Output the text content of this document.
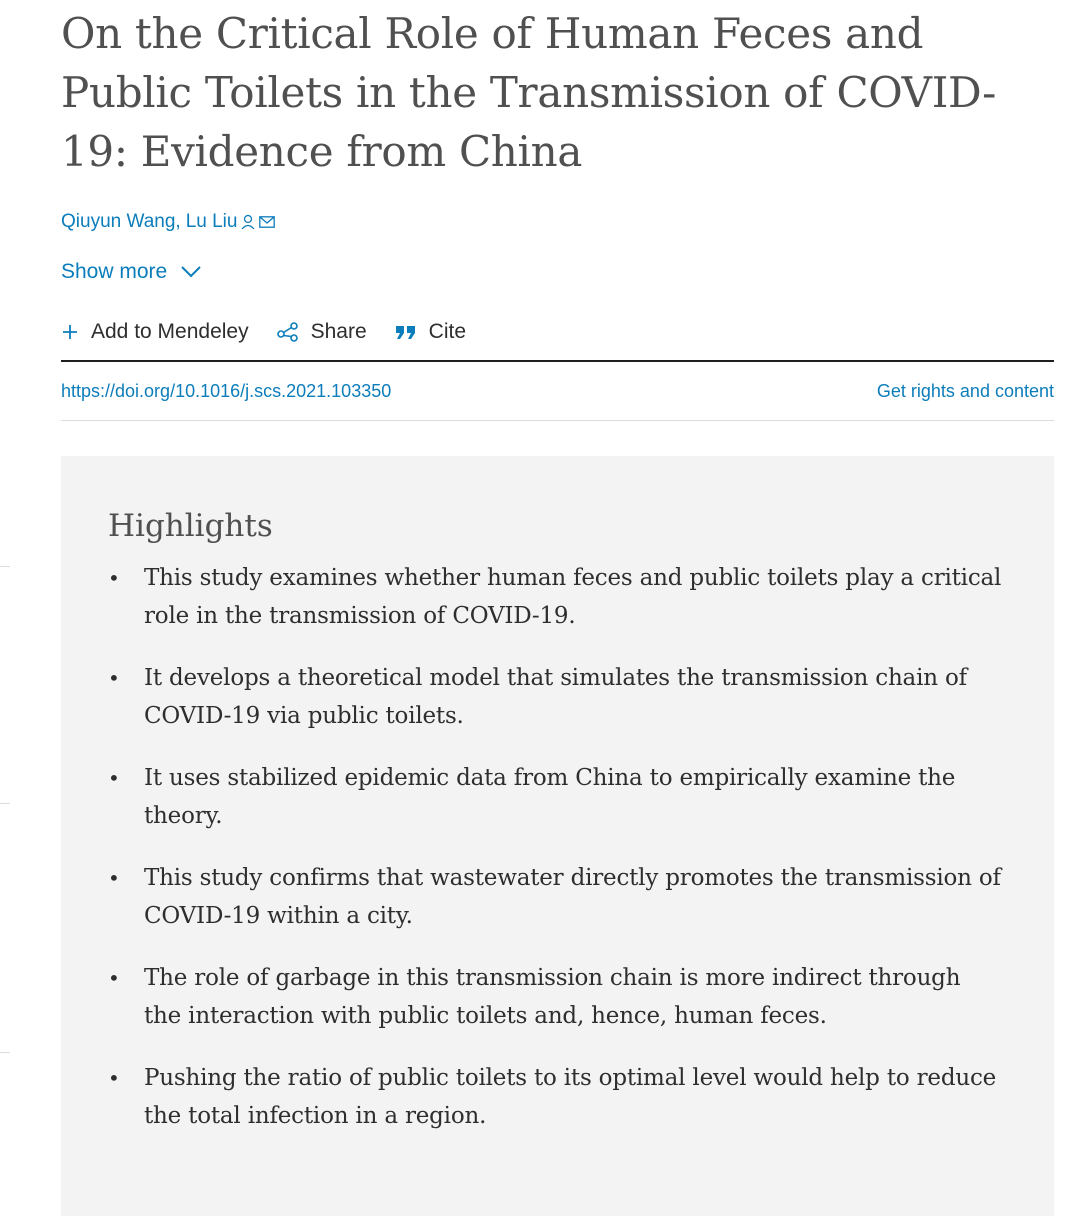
On the Critical Role of Human Feces and Public Toilets in the Transmission of COVID-19: Evidence from China
Qiuyun Wang , Lu Liu
Show more
Add to Mendeley	Share	Cite
https://doi.org/10.1016/j.scs.2021.103350	Get rights and content
Highlights
• This study examines whether human feces and public toilets play a critical role in the transmission of COVID-19.
• It develops a theoretical model that simulates the transmission chain of COVID-19 via public toilets.
• It uses stabilized epidemic data from China to empirically examine the theory.
• This study confirms that wastewater directly promotes the transmission of COVID-19 within a city.
• The role of garbage in this transmission chain is more indirect through the interaction with public toilets and, hence, human feces.
• Pushing the ratio of public toilets to its optimal level would help to reduce the total infection in a region.
